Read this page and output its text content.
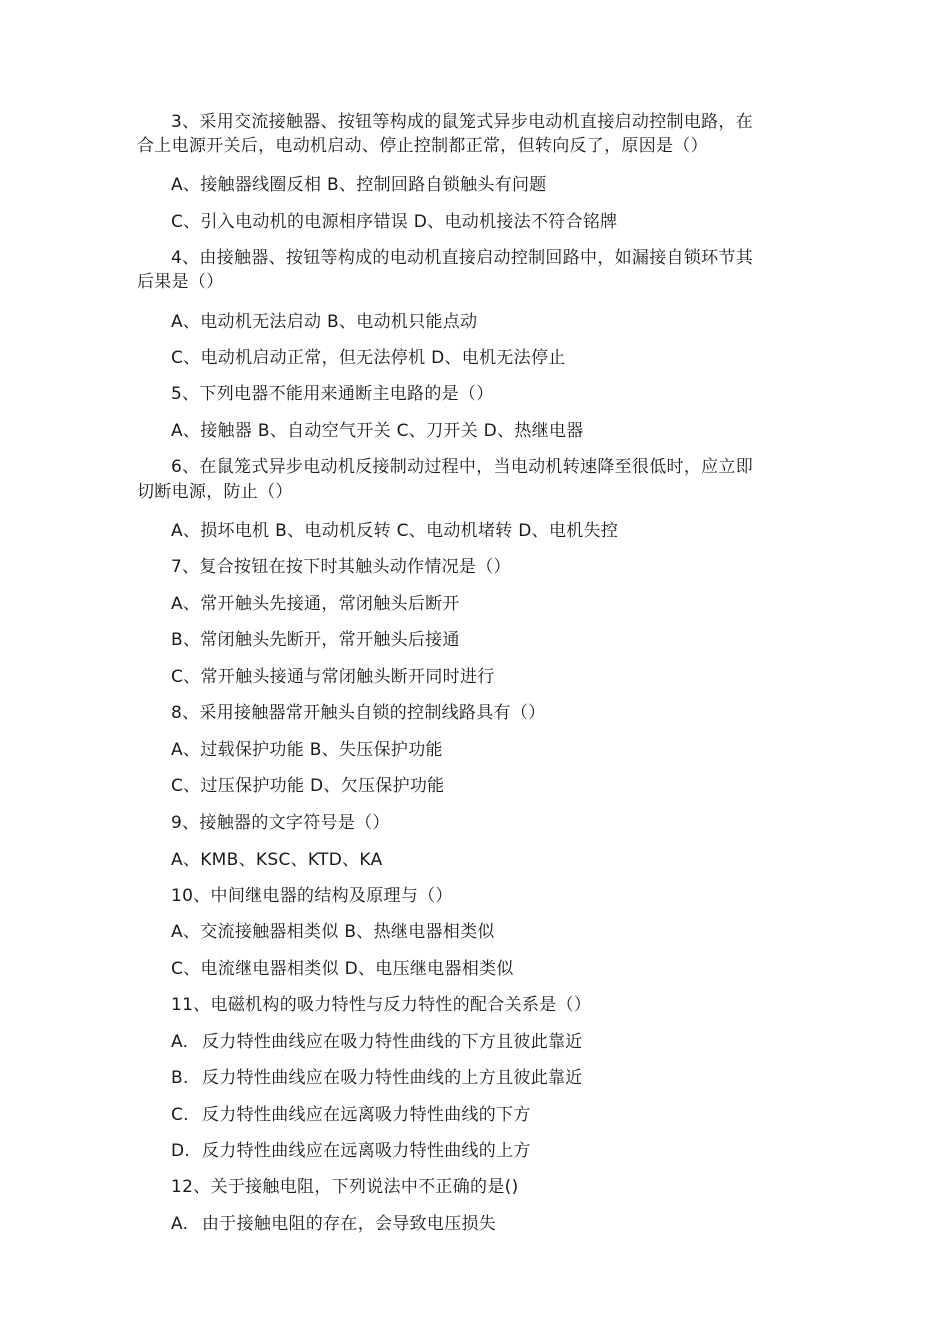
3、采用交流接触器、按钮等构成的鼠笼式异步电动机直接启动控制电路，在
合上电源开关后，电动机启动、停止控制都正常，但转向反了，原因是（）
A、接触器线圈反相 B、控制回路自锁触头有问题
C、引入电动机的电源相序错误 D、电动机接法不符合铭牌
4、由接触器、按钮等构成的电动机直接启动控制回路中，如漏接自锁环节其
后果是（）
A、电动机无法启动 B、电动机只能点动
C、电动机启动正常，但无法停机 D、电机无法停止
5、下列电器不能用来通断主电路的是（）
A、接触器 B、自动空气开关 C、刀开关 D、热继电器
6、在鼠笼式异步电动机反接制动过程中，当电动机转速降至很低时，应立即
切断电源，防止（）
A、损坏电机 B、电动机反转 C、电动机堵转 D、电机失控
7、复合按钮在按下时其触头动作情况是（）
A、常开触头先接通，常闭触头后断开
B、常闭触头先断开，常开触头后接通
C、常开触头接通与常闭触头断开同时进行
8、采用接触器常开触头自锁的控制线路具有（）
A、过载保护功能 B、失压保护功能
C、过压保护功能 D、欠压保护功能
9、接触器的文字符号是（）
A、KMB、KSC、KTD、KA
10、中间继电器的结构及原理与（）
A、交流接触器相类似 B、热继电器相类似
C、电流继电器相类似 D、电压继电器相类似
11、电磁机构的吸力特性与反力特性的配合关系是（）
A. 反力特性曲线应在吸力特性曲线的下方且彼此靠近
B. 反力特性曲线应在吸力特性曲线的上方且彼此靠近
C. 反力特性曲线应在远离吸力特性曲线的下方
D. 反力特性曲线应在远离吸力特性曲线的上方
12、关于接触电阻，下列说法中不正确的是()
A. 由于接触电阻的存在，会导致电压损失
